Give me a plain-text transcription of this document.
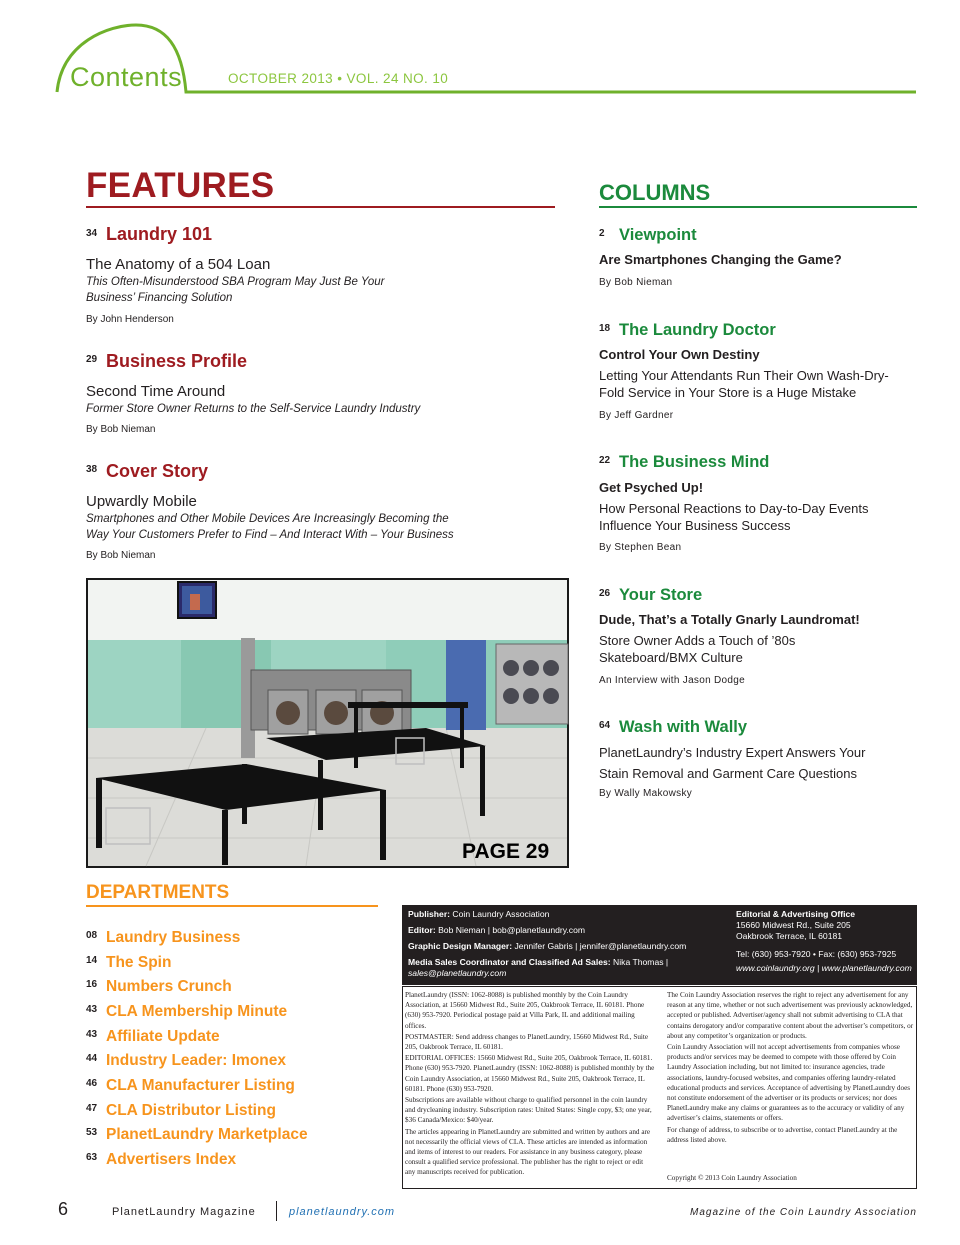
Contents	OCTOBER 2013 • VOL. 24 NO. 10
FEATURES
34 Laundry 101
The Anatomy of a 504 Loan
This Often-Misunderstood SBA Program May Just Be Your Business’ Financing Solution
By John Henderson
29 Business Profile
Second Time Around
Former Store Owner Returns to the Self-Service Laundry Industry
By Bob Nieman
38 Cover Story
Upwardly Mobile
Smartphones and Other Mobile Devices Are Increasingly Becoming the Way Your Customers Prefer to Find – And Interact With – Your Business
By Bob Nieman
PAGE 29
COLUMNS
2 Viewpoint
Are Smartphones Changing the Game?
By Bob Nieman
18 The Laundry Doctor
Control Your Own Destiny
Letting Your Attendants Run Their Own Wash-Dry-Fold Service in Your Store is a Huge Mistake
By Jeff Gardner
22 The Business Mind
Get Psyched Up!
How Personal Reactions to Day-to-Day Events Influence Your Business Success
By Stephen Bean
26 Your Store
Dude, That’s a Totally Gnarly Laundromat!
Store Owner Adds a Touch of ’80s Skateboard/BMX Culture
An Interview with Jason Dodge
64 Wash with Wally
PlanetLaundry’s Industry Expert Answers Your Stain Removal and Garment Care Questions
By Wally Makowsky
DEPARTMENTS
08 Laundry Business
14 The Spin
16 Numbers Crunch
43 CLA Membership Minute
43 Affiliate Update
44 Industry Leader: Imonex
46 CLA Manufacturer Listing
47 CLA Distributor Listing
53 PlanetLaundry Marketplace
63 Advertisers Index
Publisher: Coin Laundry Association
Editor: Bob Nieman | bob@planetlaundry.com
Graphic Design Manager: Jennifer Gabris | jennifer@planetlaundry.com
Media Sales Coordinator and Classified Ad Sales: Nika Thomas |
sales@planetlaundry.com
Editorial & Advertising Office
15660 Midwest Rd., Suite 205
Oakbrook Terrace, IL 60181
Tel: (630) 953-7920 • Fax: (630) 953-7925
www.coinlaundry.org | www.planetlaundry.com

PlanetLaundry (ISSN: 1062-8088) is published monthly by the Coin Laundry Association, at 15660 Midwest Rd., Suite 205, Oakbrook Terrace, IL 60181. Phone (630) 953-7920. Periodical postage paid at Villa Park, IL and additional mailing offices.

POSTMASTER: Send address changes to PlanetLaundry, 15660 Midwest Rd., Suite 205, Oakbrook Terrace, IL 60181.

EDITORIAL OFFICES: 15660 Midwest Rd., Suite 205, Oakbrook Terrace, IL 60181. Phone (630) 953-7920. PlanetLaundry (ISSN: 1062-8088) is published monthly by the Coin Laundry Association, at 15660 Midwest Rd., Suite 205, Oakbrook Terrace, IL 60181. Phone (630) 953-7920.

Subscriptions are available without charge to qualified personnel in the coin laundry and drycleaning industry. Subscription rates: United States: Single copy, $3; one year, $36 Canada/Mexico: $40/year.

The articles appearing in PlanetLaundry are submitted and written by authors and are not necessarily the official views of CLA. These articles are intended as information and items of interest to our readers. For assistance in any business category, please consult a qualified service professional. The publisher has the right to reject or edit any manuscripts received for publication.

The Coin Laundry Association reserves the right to reject any advertisement for any reason at any time, whether or not such advertisement was previously acknowledged, accepted or published. Advertiser/agency shall not submit advertising to CLA that contains derogatory and/or comparative content about the advertiser’s competitors, or about any competitor’s organization or products.

Coin Laundry Association will not accept advertisements from companies whose products and/or services may be deemed to compete with those offered by Coin Laundry Association including, but not limited to: insurance agencies, trade associations, laundry-focused websites, and companies offering laundry-related educational products and services. Acceptance of advertising by PlanetLaundry does not constitute endorsement of the advertiser or its products or services; nor does PlanetLaundry make any claims or guarantees as to the accuracy or validity of any advertiser’s claims, statements or offers.

For change of address, to subscribe or to advertise, contact PlanetLaundry at the address listed above.

Copyright © 2013 Coin Laundry Association
6	PlanetLaundry Magazine	planetlaundry.com	Magazine of the Coin Laundry Association
